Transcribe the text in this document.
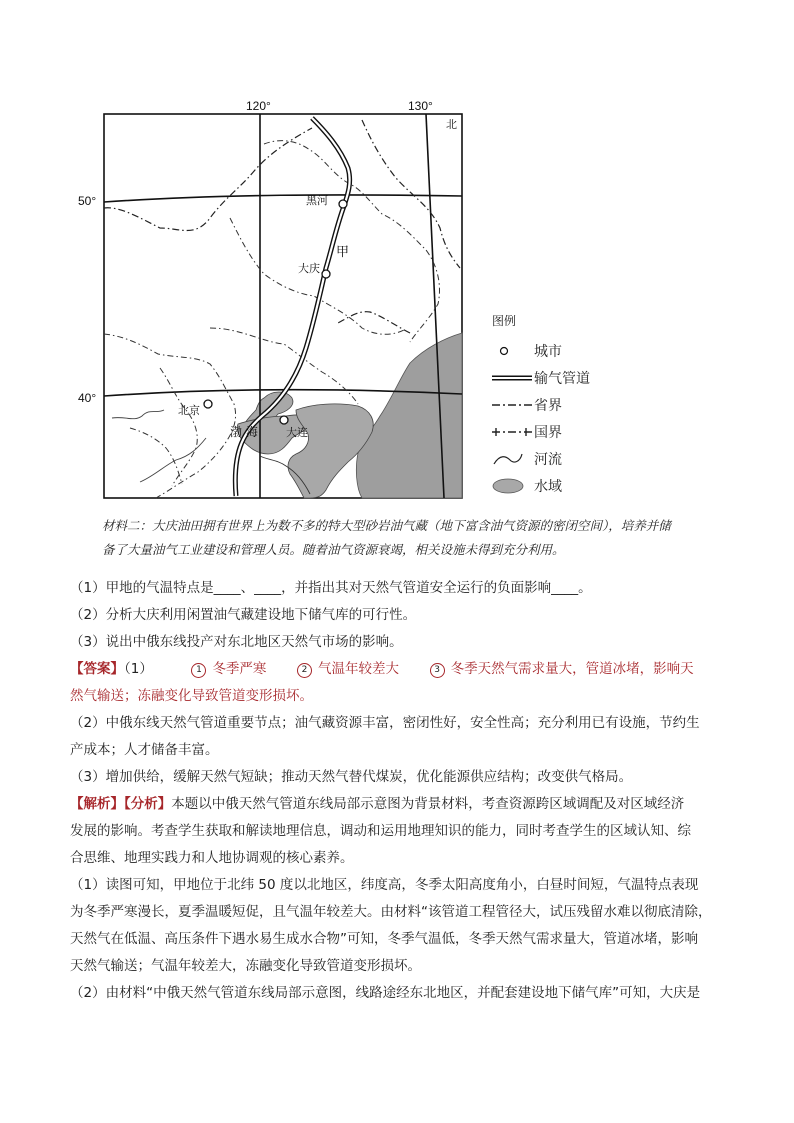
北
黑河
大庆
北京
大连
甲
渤 海
120°	130°
50°
40°
图例
城市
输气管道
省界
国界
河流
水域
材料二：大庆油田拥有世界上为数不多的特大型砂岩油气藏（地下富含油气资源的密闭空间），培养并储
备了大量油气工业建设和管理人员。随着油气资源衰竭，相关设施未得到充分利用。
（1）甲地的气温特点是____、____，并指出其对天然气管道安全运行的负面影响____。
（2）分析大庆利用闲置油气藏建设地下储气库的可行性。
（3）说出中俄东线投产对东北地区天然气市场的影响。
【答案】（1）	1 冬季严寒	2 气温年较差大	3 冬季天然气需求量大，管道冰堵，影响天
然气输送；冻融变化导致管道变形损坏。
（2）中俄东线天然气管道重要节点；油气藏资源丰富，密闭性好，安全性高；充分利用已有设施，节约生
产成本；人才储备丰富。
（3）增加供给，缓解天然气短缺；推动天然气替代煤炭，优化能源供应结构；改变供气格局。
【解析】【分析】本题以中俄天然气管道东线局部示意图为背景材料，考查资源跨区域调配及对区域经济
发展的影响。考查学生获取和解读地理信息，调动和运用地理知识的能力，同时考查学生的区域认知、综
合思维、地理实践力和人地协调观的核心素养。
（1）读图可知，甲地位于北纬 50 度以北地区，纬度高，冬季太阳高度角小，白昼时间短，气温特点表现
为冬季严寒漫长，夏季温暖短促，且气温年较差大。由材料“该管道工程管径大，试压残留水难以彻底清除，
天然气在低温、高压条件下遇水易生成水合物”可知，冬季气温低，冬季天然气需求量大，管道冰堵，影响
天然气输送；气温年较差大，冻融变化导致管道变形损坏。
（2）由材料“中俄天然气管道东线局部示意图，线路途经东北地区，并配套建设地下储气库”可知，大庆是
